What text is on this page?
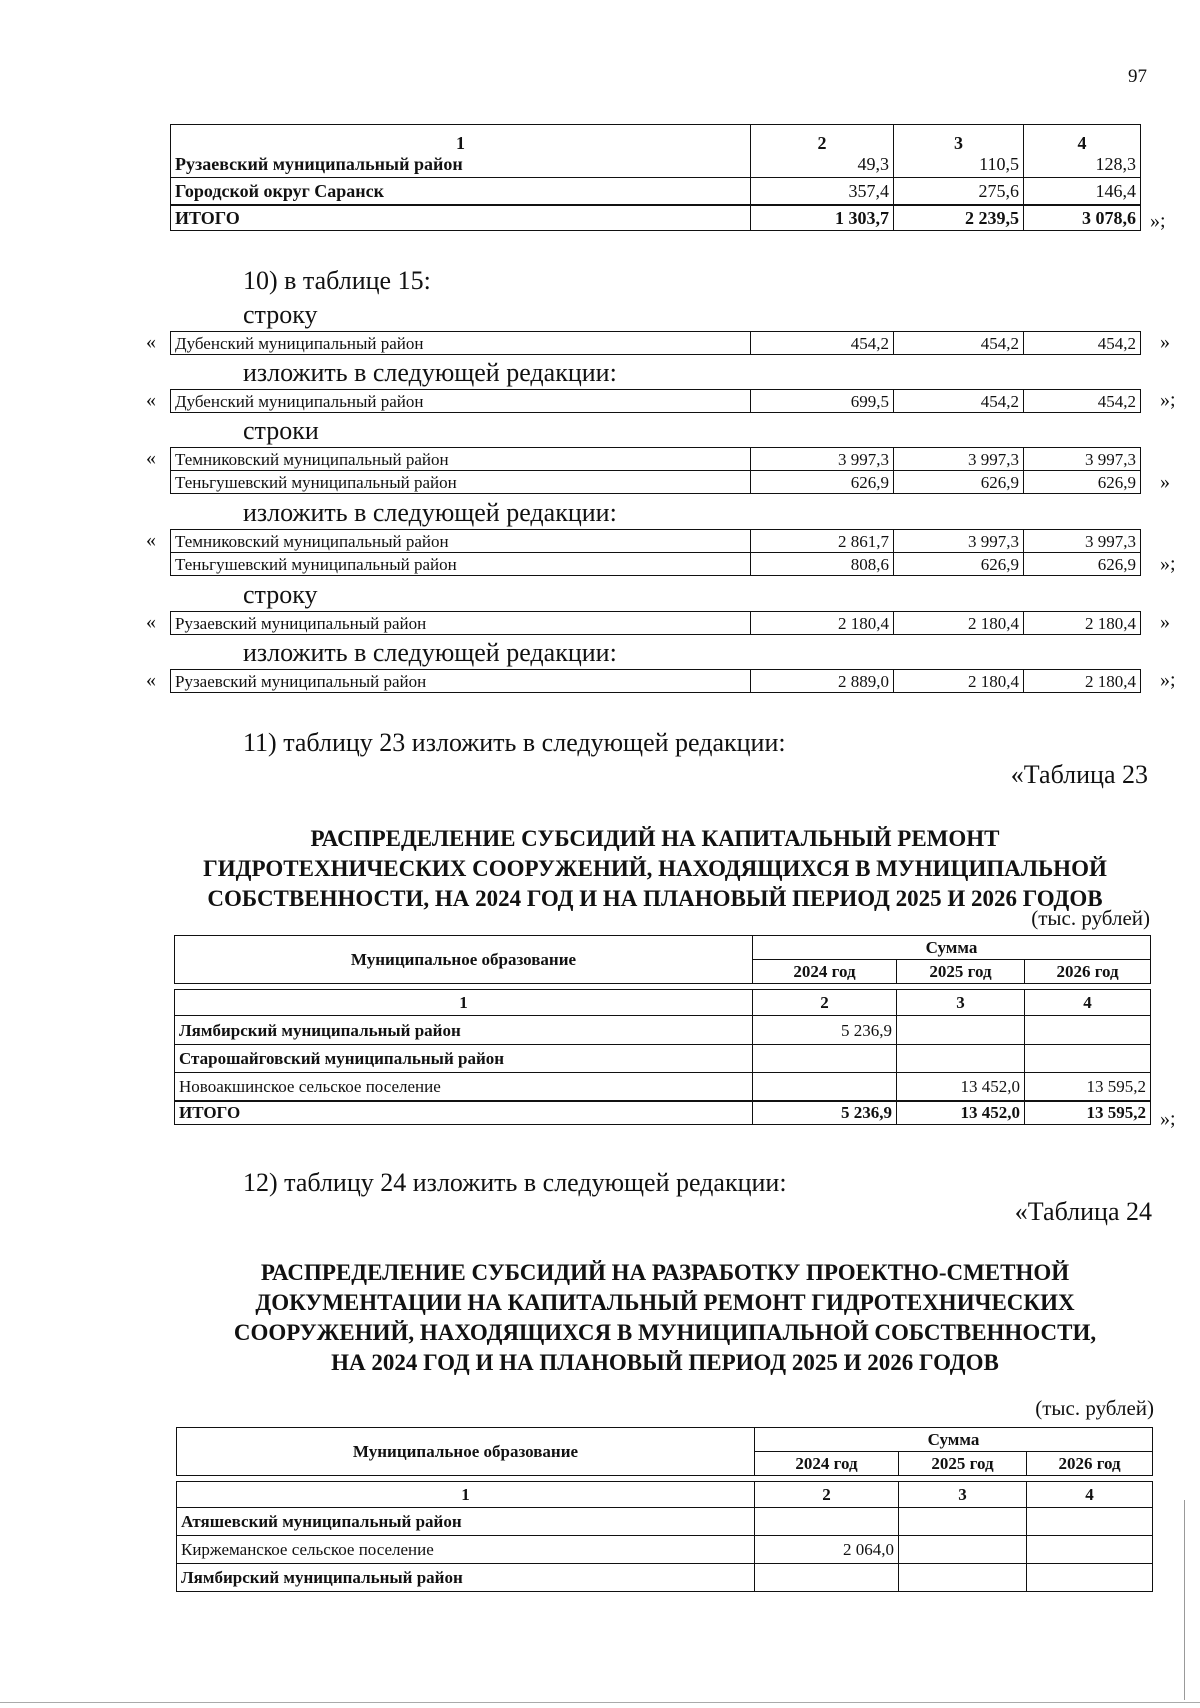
97
1	2	3	4
Рузаевский муниципальный район	49,3	110,5	128,3
Городской округ Саранск	357,4	275,6	146,4
ИТОГО	1 303,7	2 239,5	3 078,6 »;
10) в таблице 15:
строку
« Дубенский муниципальный район	454,2	454,2	454,2 »
изложить в следующей редакции:
« Дубенский муниципальный район	699,5	454,2	454,2 »;
строки
« Темниковский муниципальный район	3 997,3	3 997,3	3 997,3
Теньгушевский муниципальный район	626,9	626,9	626,9 »
изложить в следующей редакции:
« Темниковский муниципальный район	2 861,7	3 997,3	3 997,3
Теньгушевский муниципальный район	808,6	626,9	626,9 »;
строку
« Рузаевский муниципальный район	2 180,4	2 180,4	2 180,4 »
изложить в следующей редакции:
« Рузаевский муниципальный район	2 889,0	2 180,4	2 180,4 »;
11) таблицу 23 изложить в следующей редакции:
«Таблица 23
РАСПРЕДЕЛЕНИЕ СУБСИДИЙ НА КАПИТАЛЬНЫЙ РЕМОНТ
ГИДРОТЕХНИЧЕСКИХ СООРУЖЕНИЙ, НАХОДЯЩИХСЯ В МУНИЦИПАЛЬНОЙ
СОБСТВЕННОСТИ, НА 2024 ГОД И НА ПЛАНОВЫЙ ПЕРИОД 2025 И 2026 ГОДОВ
(тыс. рублей)
Муниципальное образование	Сумма		
	2024 год	2025 год	2026 год

1	2	3	4
Лямбирский муниципальный район	5 236,9		
Старошайговский муниципальный район			
Новоакшинское сельское поселение		13 452,0	13 595,2
ИТОГО	5 236,9	13 452,0	13 595,2 »;
12) таблицу 24 изложить в следующей редакции:
«Таблица 24
РАСПРЕДЕЛЕНИЕ СУБСИДИЙ НА РАЗРАБОТКУ ПРОЕКТНО-СМЕТНОЙ
ДОКУМЕНТАЦИИ НА КАПИТАЛЬНЫЙ РЕМОНТ ГИДРОТЕХНИЧЕСКИХ
СООРУЖЕНИЙ, НАХОДЯЩИХСЯ В МУНИЦИПАЛЬНОЙ СОБСТВЕННОСТИ,
НА 2024 ГОД И НА ПЛАНОВЫЙ ПЕРИОД 2025 И 2026 ГОДОВ
(тыс. рублей)
Муниципальное образование	Сумма		
	2024 год	2025 год	2026 год

1	2	3	4
Атяшевский муниципальный район			
Киржеманское сельское поселение	2 064,0		
Лямбирский муниципальный район			
